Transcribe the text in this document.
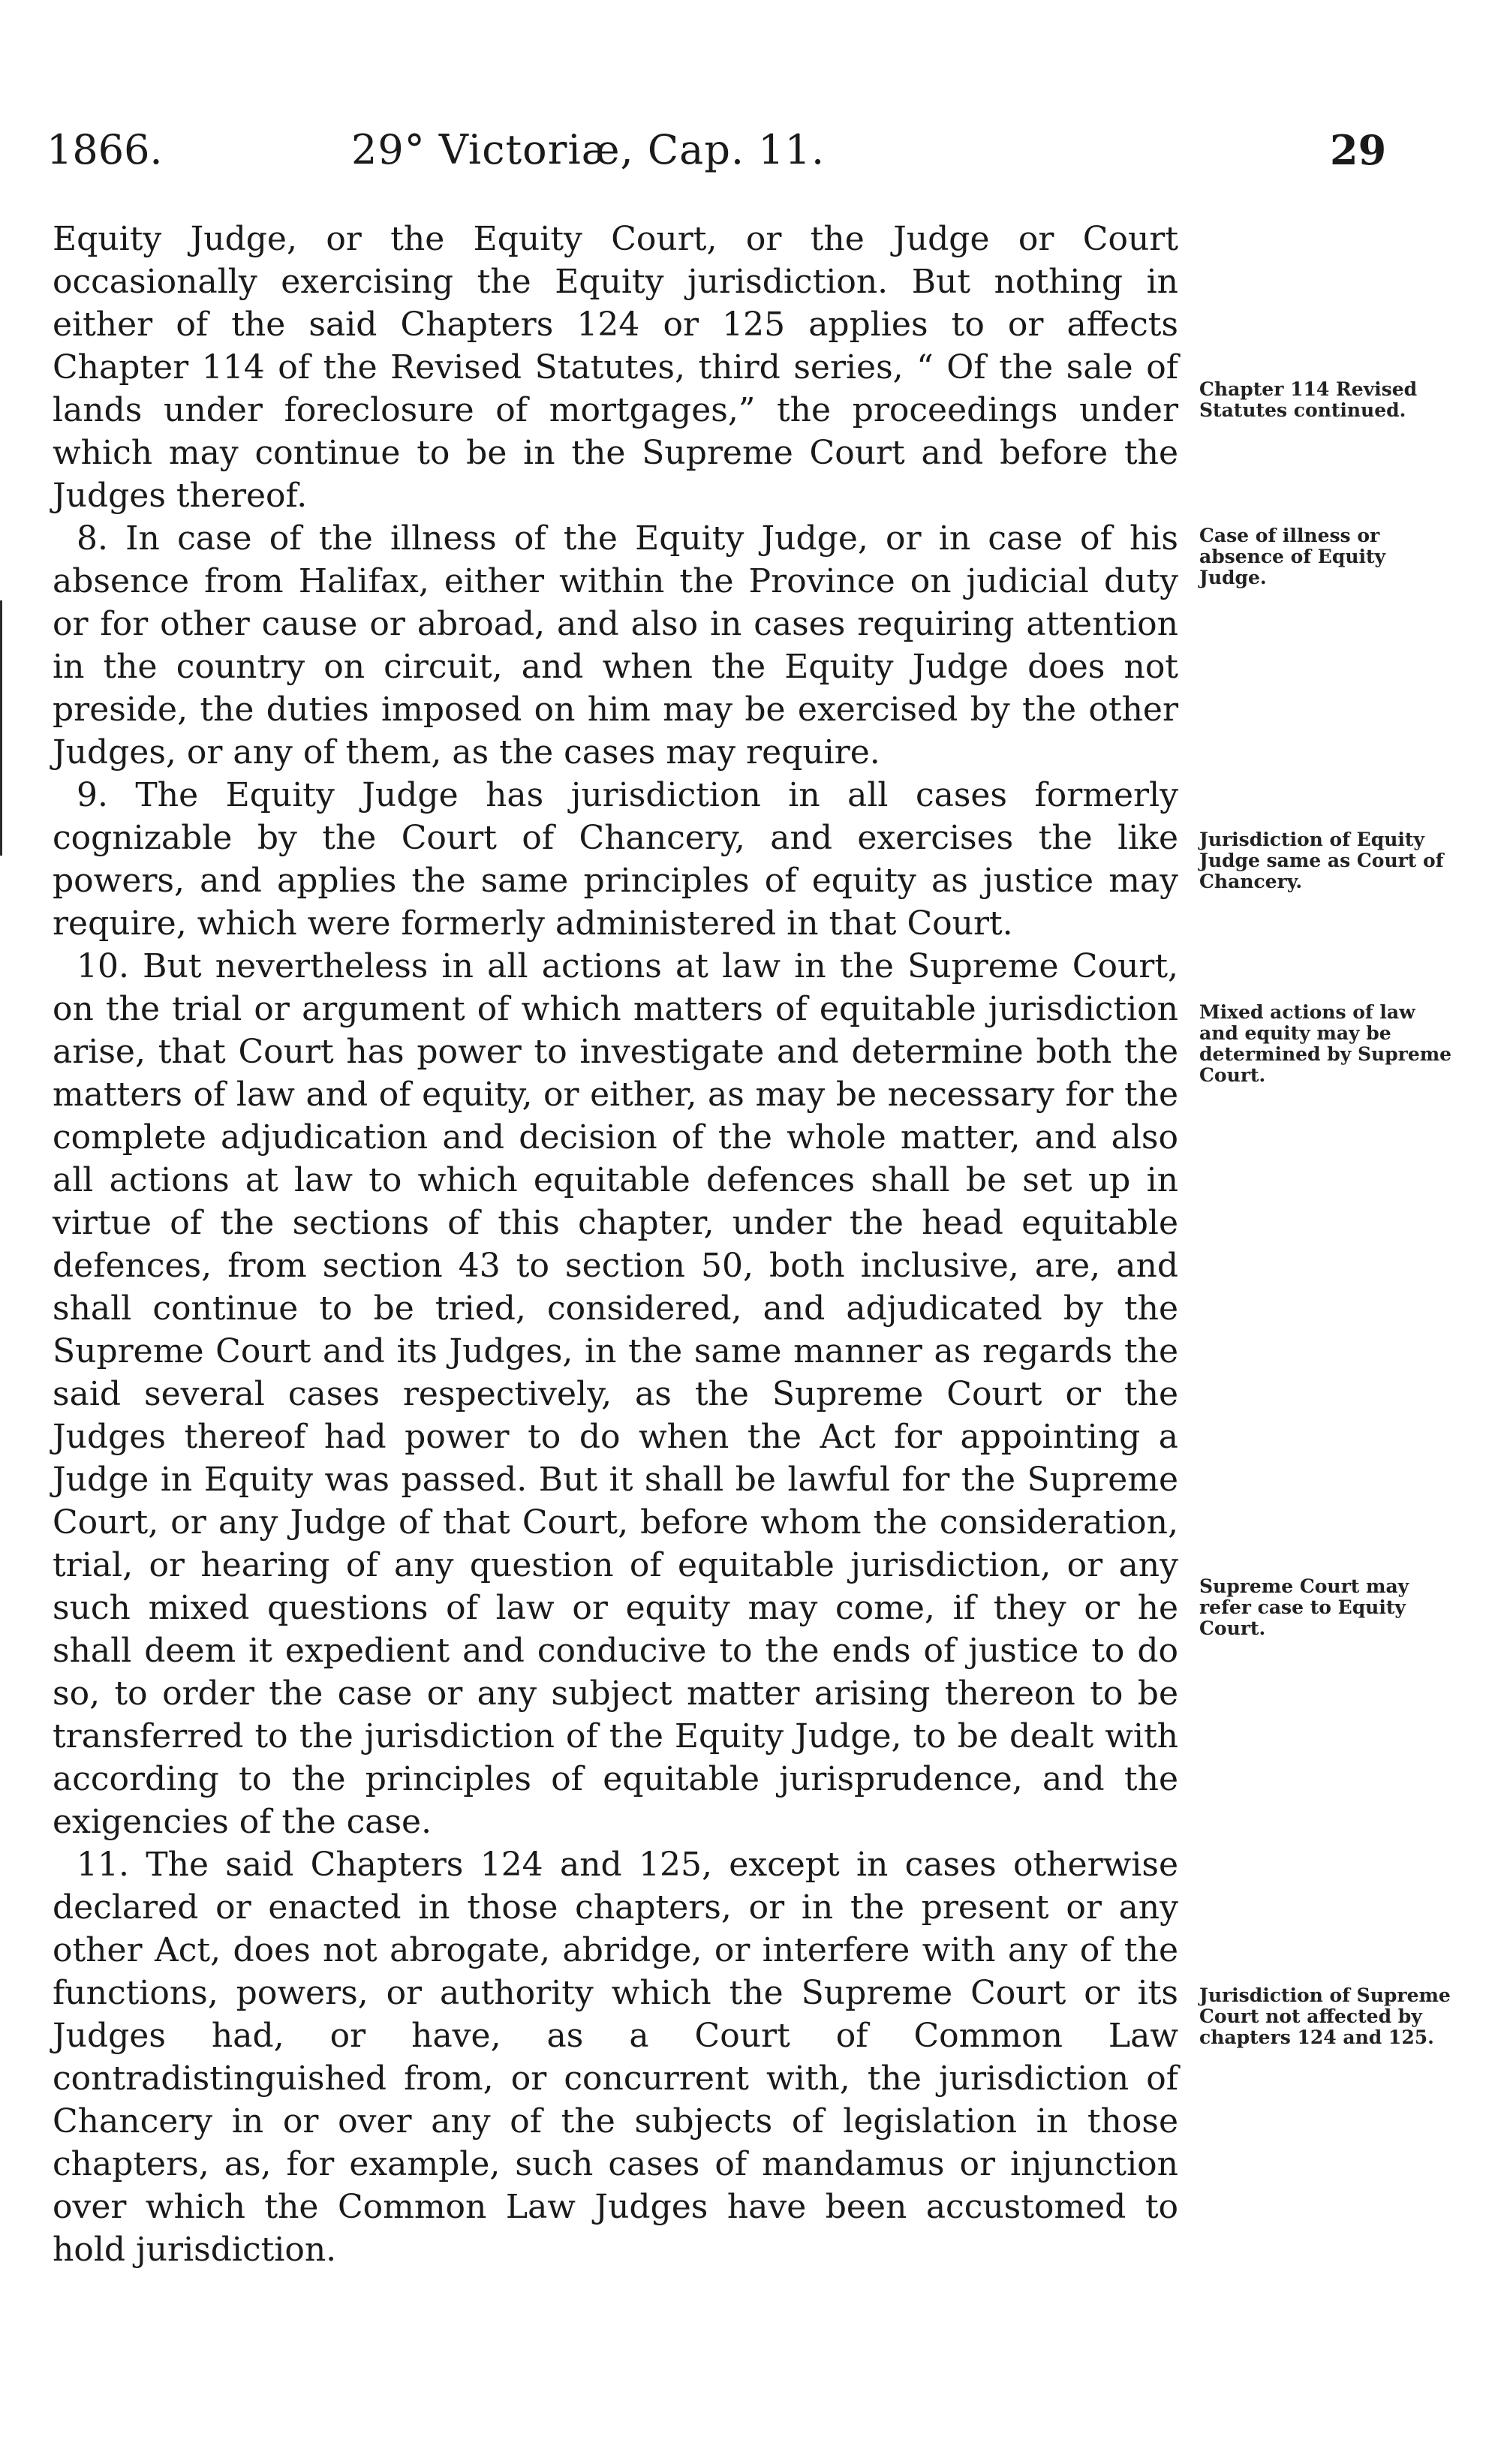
1866.	29° Victoriæ, Cap. 11.	29

Equity Judge, or the Equity Court, or the Judge or Court occasionally exercising the Equity jurisdiction. But nothing in either of the said Chapters 124 or 125 applies to or affects Chapter 114 of the Revised Statutes, third series, “ Of the sale of lands under foreclosure of mortgages,” the proceedings under which may continue to be in the Supreme Court and before the Judges thereof.

8. In case of the illness of the Equity Judge, or in case of his absence from Halifax, either within the Province on judicial duty or for other cause or abroad, and also in cases requiring attention in the country on circuit, and when the Equity Judge does not preside, the duties imposed on him may be exercised by the other Judges, or any of them, as the cases may require.

9. The Equity Judge has jurisdiction in all cases formerly cognizable by the Court of Chancery, and exercises the like powers, and applies the same principles of equity as justice may require, which were formerly administered in that Court.

10. But nevertheless in all actions at law in the Supreme Court, on the trial or argument of which matters of equitable jurisdiction arise, that Court has power to investigate and determine both the matters of law and of equity, or either, as may be necessary for the complete adjudication and decision of the whole matter, and also all actions at law to which equitable defences shall be set up in virtue of the sections of this chapter, under the head equitable defences, from section 43 to section 50, both inclusive, are, and shall continue to be tried, considered, and adjudicated by the Supreme Court and its Judges, in the same manner as regards the said several cases respectively, as the Supreme Court or the Judges thereof had power to do when the Act for appointing a Judge in Equity was passed. But it shall be lawful for the Supreme Court, or any Judge of that Court, before whom the consideration, trial, or hearing of any question of equitable jurisdiction, or any such mixed questions of law or equity may come, if they or he shall deem it expedient and conducive to the ends of justice to do so, to order the case or any subject matter arising thereon to be transferred to the jurisdiction of the Equity Judge, to be dealt with according to the principles of equitable jurisprudence, and the exigencies of the case.

11. The said Chapters 124 and 125, except in cases otherwise declared or enacted in those chapters, or in the present or any other Act, does not abrogate, abridge, or interfere with any of the functions, powers, or authority which the Supreme Court or its Judges had, or have, as a Court of Common Law contradistinguished from, or concurrent with, the jurisdiction of Chancery in or over any of the subjects of legislation in those chapters, as, for example, such cases of mandamus or injunction over which the Common Law Judges have been accustomed to hold jurisdiction.

Chapter 114 Revised Statutes continued.
Case of illness or absence of Equity Judge.
Jurisdiction of Equity Judge same as Court of Chancery.
Mixed actions of law and equity may be determined by Supreme Court.
Supreme Court may refer case to Equity Court.
Jurisdiction of Supreme Court not affected by chapters 124 and 125.
